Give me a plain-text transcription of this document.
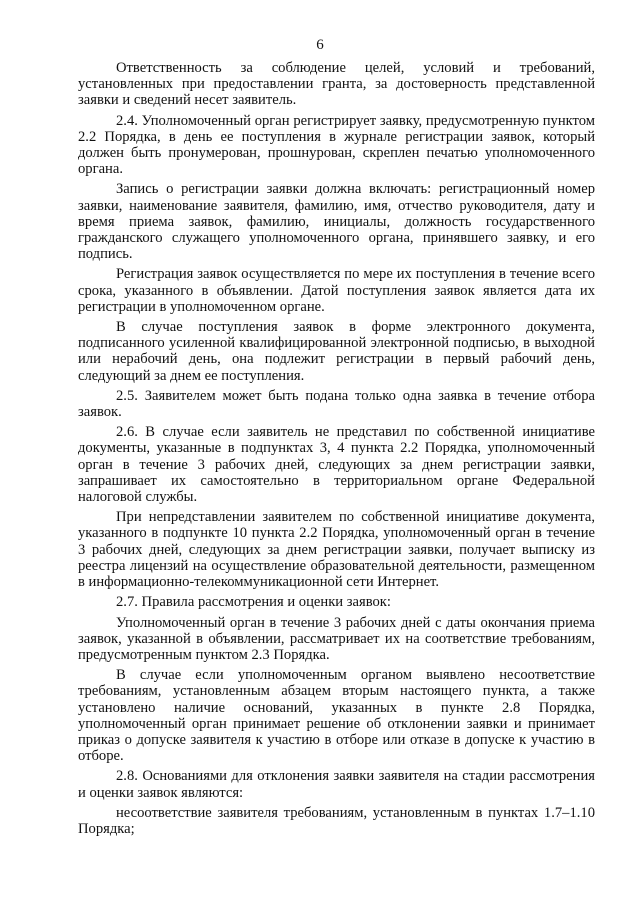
6

Ответственность за соблюдение целей, условий и требований, установленных при предоставлении гранта, за достоверность представленной заявки и сведений несет заявитель.

2.4. Уполномоченный орган регистрирует заявку, предусмотренную пунктом 2.2 Порядка, в день ее поступления в журнале регистрации заявок, который должен быть пронумерован, прошнурован, скреплен печатью уполномоченного органа.

Запись о регистрации заявки должна включать: регистрационный номер заявки, наименование заявителя, фамилию, имя, отчество руководителя, дату и время приема заявок, фамилию, инициалы, должность государственного гражданского служащего уполномоченного органа, принявшего заявку, и его подпись.

Регистрация заявок осуществляется по мере их поступления в течение всего срока, указанного в объявлении. Датой поступления заявок является дата их регистрации в уполномоченном органе.

В случае поступления заявок в форме электронного документа, подписанного усиленной квалифицированной электронной подписью, в выходной или нерабочий день, она подлежит регистрации в первый рабочий день, следующий за днем ее поступления.

2.5. Заявителем может быть подана только одна заявка в течение отбора заявок.

2.6. В случае если заявитель не представил по собственной инициативе документы, указанные в подпунктах 3, 4 пункта 2.2 Порядка, уполномоченный орган в течение 3 рабочих дней, следующих за днем регистрации заявки, запрашивает их самостоятельно в территориальном органе Федеральной налоговой службы.

При непредставлении заявителем по собственной инициативе документа, указанного в подпункте 10 пункта 2.2 Порядка, уполномоченный орган в течение 3 рабочих дней, следующих за днем регистрации заявки, получает выписку из реестра лицензий на осуществление образовательной деятельности, размещенном в информационно-телекоммуникационной сети Интернет.

2.7. Правила рассмотрения и оценки заявок:

Уполномоченный орган в течение 3 рабочих дней с даты окончания приема заявок, указанной в объявлении, рассматривает их на соответствие требованиям, предусмотренным пунктом 2.3 Порядка.

В случае если уполномоченным органом выявлено несоответствие требованиям, установленным абзацем вторым настоящего пункта, а также установлено наличие оснований, указанных в пункте 2.8 Порядка, уполномоченный орган принимает решение об отклонении заявки и принимает приказ о допуске заявителя к участию в отборе или отказе в допуске к участию в отборе.

2.8. Основаниями для отклонения заявки заявителя на стадии рассмотрения и оценки заявок являются:

несоответствие заявителя требованиям, установленным в пунктах 1.7–1.10 Порядка;
